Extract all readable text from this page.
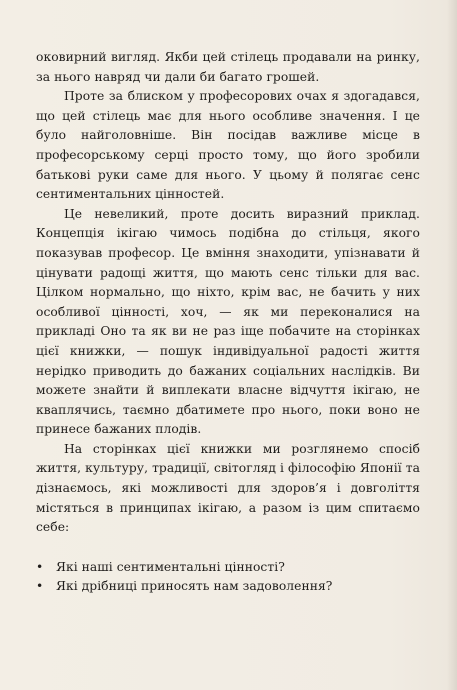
оковирний вигляд. Якби цей стілець продавали на ринку, за нього навряд чи дали би багато грошей.

Проте за блиском у професорових очах я здогадався, що цей стілець має для нього особливе значення. І це було найголовніше. Він посідав важливе місце в професорському серці просто тому, що його зробили батькові руки саме для нього. У цьому й полягає сенс сентиментальних цінностей.

Це невеликий, проте досить виразний приклад. Концепція ікігаю чимось подібна до стільця, якого показував професор. Це вміння знаходити, упізнавати й цінувати радощі життя, що мають сенс тільки для вас. Цілком нормально, що ніхто, крім вас, не бачить у них особливої цінності, хоч, — як ми переконалися на прикладі Оно та як ви не раз іще побачите на сторінках цієї книжки, — пошук індивідуальної радості життя нерідко приводить до бажаних соціальних наслідків. Ви можете знайти й виплекати власне відчуття ікігаю, не кваплячись, таємно дбатимете про нього, поки воно не принесе бажаних плодів.

На сторінках цієї книжки ми розглянемо спосіб життя, культуру, традиції, світогляд і філософію Японії та дізнаємось, які можливості для здоров’я і довголіття містяться в принципах ікігаю, а разом із цим спитаємо себе:

• Які наші сентиментальні цінності?
• Які дрібниці приносять нам задоволення?
